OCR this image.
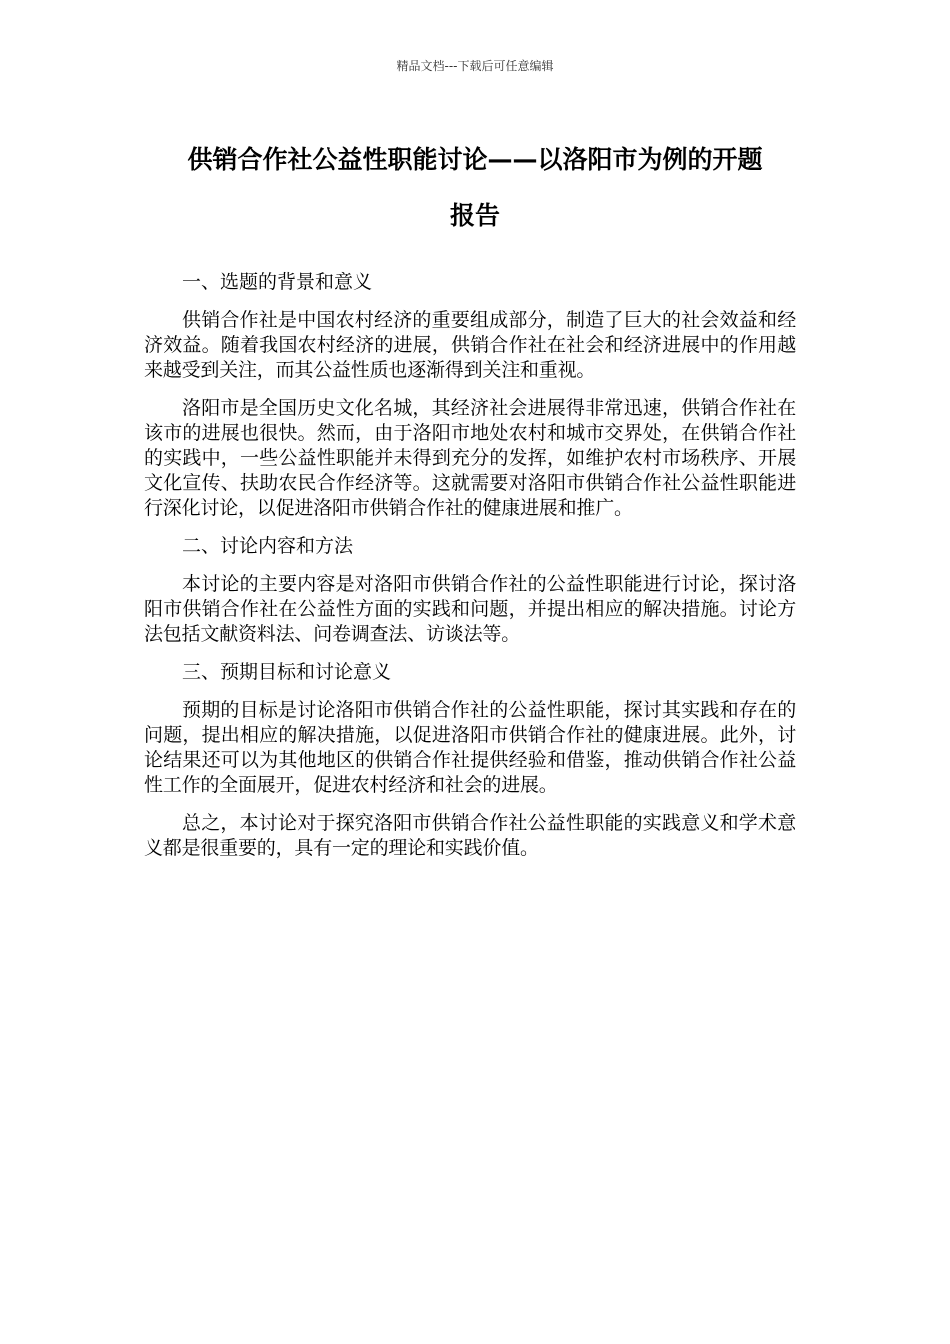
精品文档---下载后可任意编辑
供销合作社公益性职能讨论——以洛阳市为例的开题
报告

一、选题的背景和意义

供销合作社是中国农村经济的重要组成部分，制造了巨大的社会效益和经济效益。随着我国农村经济的进展，供销合作社在社会和经济进展中的作用越来越受到关注，而其公益性质也逐渐得到关注和重视。

洛阳市是全国历史文化名城，其经济社会进展得非常迅速，供销合作社在该市的进展也很快。然而，由于洛阳市地处农村和城市交界处，在供销合作社的实践中，一些公益性职能并未得到充分的发挥，如维护农村市场秩序、开展文化宣传、扶助农民合作经济等。这就需要对洛阳市供销合作社公益性职能进行深化讨论，以促进洛阳市供销合作社的健康进展和推广。

二、讨论内容和方法

本讨论的主要内容是对洛阳市供销合作社的公益性职能进行讨论，探讨洛阳市供销合作社在公益性方面的实践和问题，并提出相应的解决措施。讨论方法包括文献资料法、问卷调查法、访谈法等。

三、预期目标和讨论意义

预期的目标是讨论洛阳市供销合作社的公益性职能，探讨其实践和存在的问题，提出相应的解决措施，以促进洛阳市供销合作社的健康进展。此外，讨论结果还可以为其他地区的供销合作社提供经验和借鉴，推动供销合作社公益性工作的全面展开，促进农村经济和社会的进展。

总之，本讨论对于探究洛阳市供销合作社公益性职能的实践意义和学术意义都是很重要的，具有一定的理论和实践价值。
